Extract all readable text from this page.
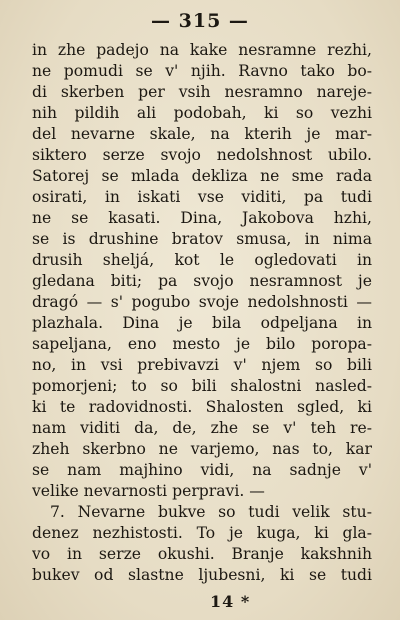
— 315 —
in zhe padejo na kake nesramne rezhi,
ne pomudi se v' njih. Ravno tako bo-
di skerben per vsih nesramno nareje-
nih pildih ali podobah, ki so vezhi
del nevarne skale, na kterih je mar-
siktero serze svojo nedolshnost ubilo.
Satorej se mlada dekliza ne sme rada
osirati, in iskati vse viditi, pa tudi
ne se kasati. Dina, Jakobova hzhi,
se is drushine bratov smusa, in nima
drusih sheljá, kot le ogledovati in
gledana biti; pa svojo nesramnost je
dragó — s' pogubo svoje nedolshnosti —
plazhala. Dina je bila odpeljana in
sapeljana, eno mesto je bilo poropa-
no, in vsi prebivavzi v' njem so bili
pomorjeni; to so bili shalostni nasled-
ki te radovidnosti. Shalosten sgled, ki
nam viditi da, de, zhe se v' teh re-
zheh skerbno ne varjemo, nas to, kar
se nam majhino vidi, na sadnje v'
velike nevarnosti perpravi. —
7. Nevarne bukve so tudi velik stu-
denez nezhistosti. To je kuga, ki gla-
vo in serze okushi. Branje kakshnih
bukev od slastne ljubesni, ki se tudi
14 *
